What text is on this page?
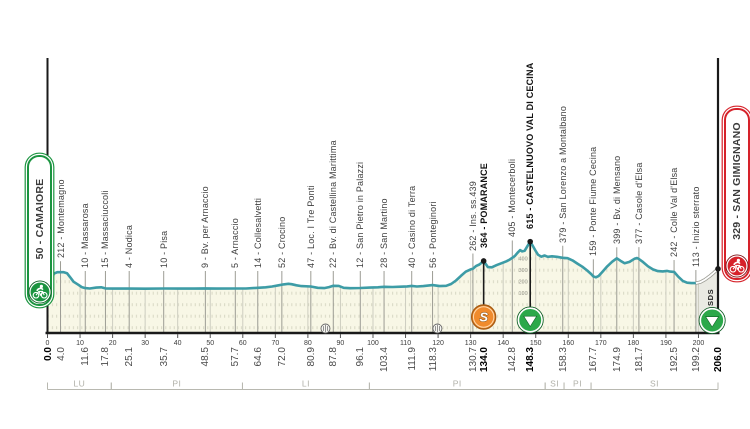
0	10	20	30	40	50	60	70	80	90	100	110	120	130	140	150	160	170	180	190	200
400
300
200
100
S
LU	PI	LI	PI	SI PI	SI
212 - Montemagno 10 - Massarosa 15 - Massaciuccoli 4 - Nodica	10 - Pisa	9 - Bv. per Arnaccio 5 - Arnaccio 14 - Collesalvetti 52 - Crocino 47 - Loc. I Tre Ponti 22 - Bv. di Castellina Marittima 12 - San Pietro in Palazzi 28 - San Martino 40 - Casino di Terra 56 - Ponteginori	262 - Ins. ss.439 364 - POMARANCE 405 - Montecerboli 615 - CASTELNUOVO VAL DI CECINA	379 - San Lorenzo a Montalbano 159 - Ponte Fiume Cecina 399 - Bv. di Mensano 377 - Casole d'Elsa	242 - Colle Val d'Elsa 113 - Inizio sterrato
0.0 4.0 11.6 17.8 25.1 35.7	48.5 57.7 64.6 72.0 80.9 87.8 96.1 103.4 111.9 118.3	130.7 134.0 142.8 148.3 158.3 167.7 174.9 181.7 192.5 199.2 206.0
50 - CAMAIORE	329 - SAN GIMIGNANO
SDS
